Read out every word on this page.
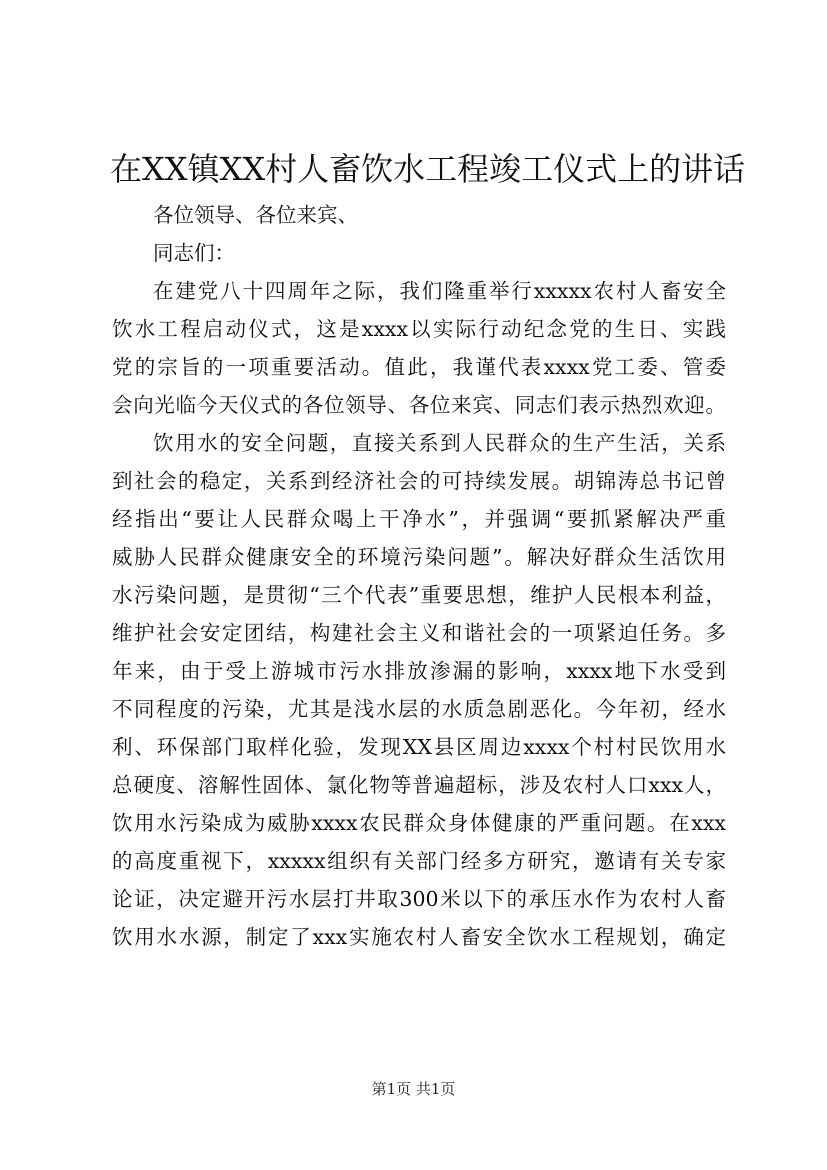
在XX镇XX村人畜饮水工程竣工仪式上的讲话
各位领导、各位来宾、
同志们：
在建党八十四周年之际，我们隆重举行xxxxx农村人畜安全
饮水工程启动仪式，这是xxxx以实际行动纪念党的生日、实践
党的宗旨的一项重要活动。值此，我谨代表xxxx党工委、管委
会向光临今天仪式的各位领导、各位来宾、同志们表示热烈欢迎。
饮用水的安全问题，直接关系到人民群众的生产生活，关系
到社会的稳定，关系到经济社会的可持续发展。胡锦涛总书记曾
经指出“要让人民群众喝上干净水”，并强调“要抓紧解决严重
威胁人民群众健康安全的环境污染问题”。解决好群众生活饮用
水污染问题，是贯彻“三个代表”重要思想，维护人民根本利益，
维护社会安定团结，构建社会主义和谐社会的一项紧迫任务。多
年来，由于受上游城市污水排放渗漏的影响，xxxx地下水受到
不同程度的污染，尤其是浅水层的水质急剧恶化。今年初，经水
利、环保部门取样化验，发现XX县区周边xxxx个村村民饮用水
总硬度、溶解性固体、氯化物等普遍超标，涉及农村人口xxx人，
饮用水污染成为威胁xxxx农民群众身体健康的严重问题。在xxx
的高度重视下，xxxxx组织有关部门经多方研究，邀请有关专家
论证，决定避开污水层打井取300米以下的承压水作为农村人畜
饮用水水源，制定了xxx实施农村人畜安全饮水工程规划，确定
第1页 共1页
